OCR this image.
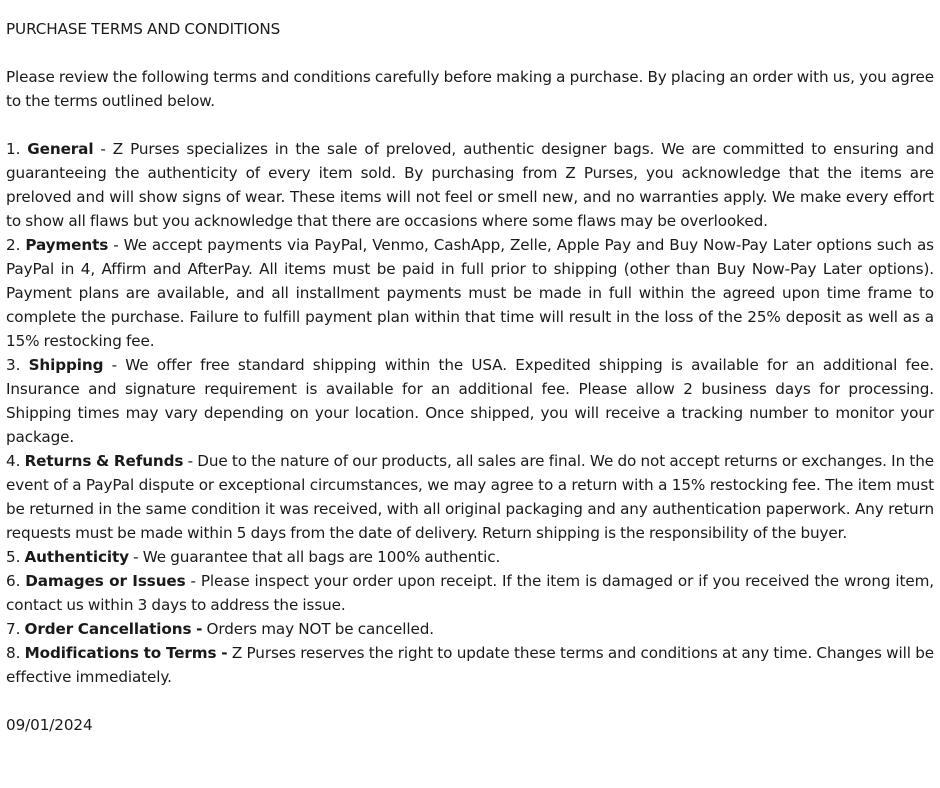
PURCHASE TERMS AND CONDITIONS

Please review the following terms and conditions carefully before making a purchase. By placing an order with us, you agree to the terms outlined below.

1. General - Z Purses specializes in the sale of preloved, authentic designer bags. We are committed to ensuring and guaranteeing the authenticity of every item sold. By purchasing from Z Purses, you acknowledge that the items are preloved and will show signs of wear. These items will not feel or smell new, and no warranties apply. We make every effort to show all flaws but you acknowledge that there are occasions where some flaws may be overlooked.

2. Payments - We accept payments via PayPal, Venmo, CashApp, Zelle, Apple Pay and Buy Now-Pay Later options such as PayPal in 4, Affirm and AfterPay. All items must be paid in full prior to shipping (other than Buy Now-Pay Later options). Payment plans are available, and all installment payments must be made in full within the agreed upon time frame to complete the purchase. Failure to fulfill payment plan within that time will result in the loss of the 25% deposit as well as a 15% restocking fee.

3. Shipping - We offer free standard shipping within the USA. Expedited shipping is available for an additional fee. Insurance and signature requirement is available for an additional fee. Please allow 2 business days for processing. Shipping times may vary depending on your location. Once shipped, you will receive a tracking number to monitor your package.

4. Returns & Refunds - Due to the nature of our products, all sales are final. We do not accept returns or exchanges. In the event of a PayPal dispute or exceptional circumstances, we may agree to a return with a 15% restocking fee. The item must be returned in the same condition it was received, with all original packaging and any authentication paperwork. Any return requests must be made within 5 days from the date of delivery. Return shipping is the responsibility of the buyer.

5. Authenticity - We guarantee that all bags are 100% authentic.

6. Damages or Issues - Please inspect your order upon receipt. If the item is damaged or if you received the wrong item, contact us within 3 days to address the issue.

7. Order Cancellations - Orders may NOT be cancelled.

8. Modifications to Terms - Z Purses reserves the right to update these terms and conditions at any time. Changes will be effective immediately.

09/01/2024
